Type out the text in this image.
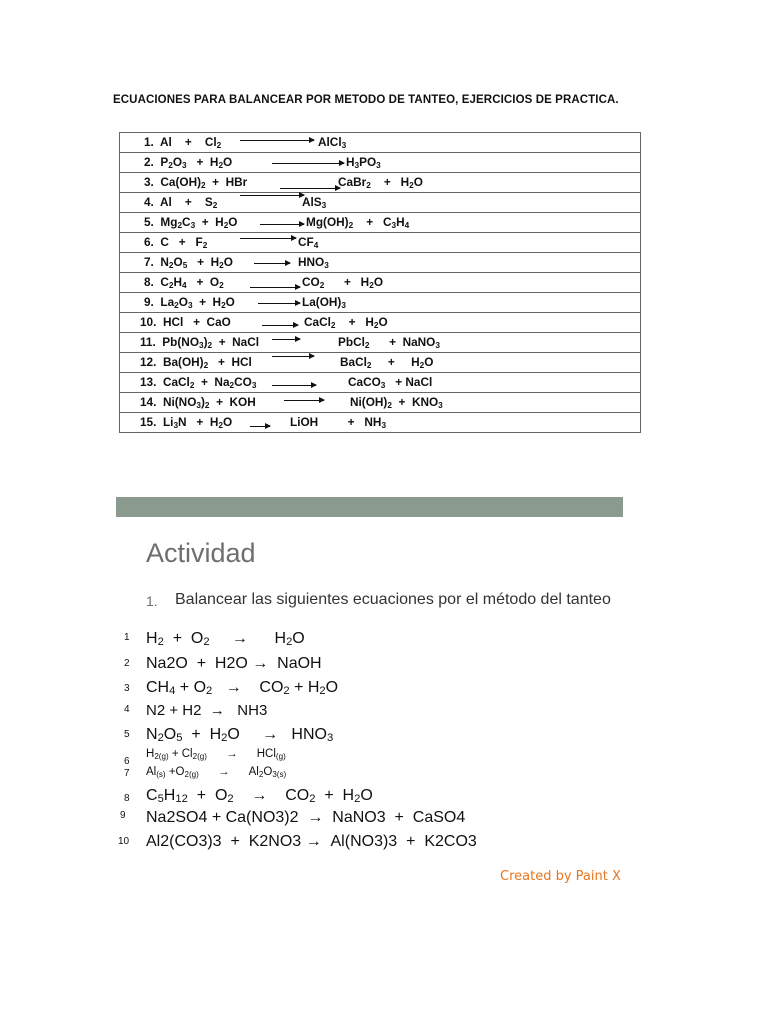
ECUACIONES PARA BALANCEAR POR METODO DE TANTEO, EJERCICIOS DE PRACTICA.
1.  Al    +    $Cl_2$	AlCl$_3$

2.  $P_2O_3 + H_2O$	$H_3PO_3$

3.  $Ca(OH)_2$  +  HBr	CaBr$_2$    +   $H_2O$

4.  Al    +    $S_2$	AlS$_3$

5.  $Mg_2C_3 + H_2O$	$Mg(OH)_2$    +   $C_3H_4$

6.  $C + F_2$	$CF_4$

7.  $N_2O_5 + H_2O$	$HNO_3$

8.  $C_2H_4 + O_2$	$CO_2$      +   $H_2O$

9.  $La_2O_3 + H_2O$	$La(OH)_3$

10.  HCl   +  CaO	CaCl$_2$    +   $H_2O$

11.  $Pb(NO_3)_2$  +  NaCl	PbCl$_2$      +  NaNO$_3$

12.  $Ba(OH)_2$   +  HCl	BaCl$_2$     +     $H_2O$

13.  CaCl$_2$  +  $Na_2CO_3$	CaCO$_3$   + NaCl

14.  $Ni(NO_3)_2$  +  KOH	$Ni(OH)_2 + KNO_3$

15.  $Li_3N + H_2O$	LiOH         +   $NH_3$
Actividad
1. Balancear las siguientes ecuaciones por el método del tanteo
1
2
3
4
5
6
7
8
9
10
$H_2 + O_2$     →      $H_2O$
Na2O  +  H2O →  NaOH
$CH_4 + O_2$   →    $CO_2 + H_2O$
N2 + H2  →   NH3
$N_2O_5 + H_2O$     →   $HNO_3$
$H_{2(g)} + Cl_{2(g)}$      →      HCl$_{(g)}$
$Al_{(s)} +O_{2(g)}$      →      $Al_2O_{3(s)}$
$C_5H_{12} + O_2$    →    $CO_2 + H_2O$
Na2SO4 + Ca(NO3)2  →  NaNO3  +  CaSO4
Al2(CO3)3  +  K2NO3 →  Al(NO3)3  +  K2CO3
Created by Paint X
